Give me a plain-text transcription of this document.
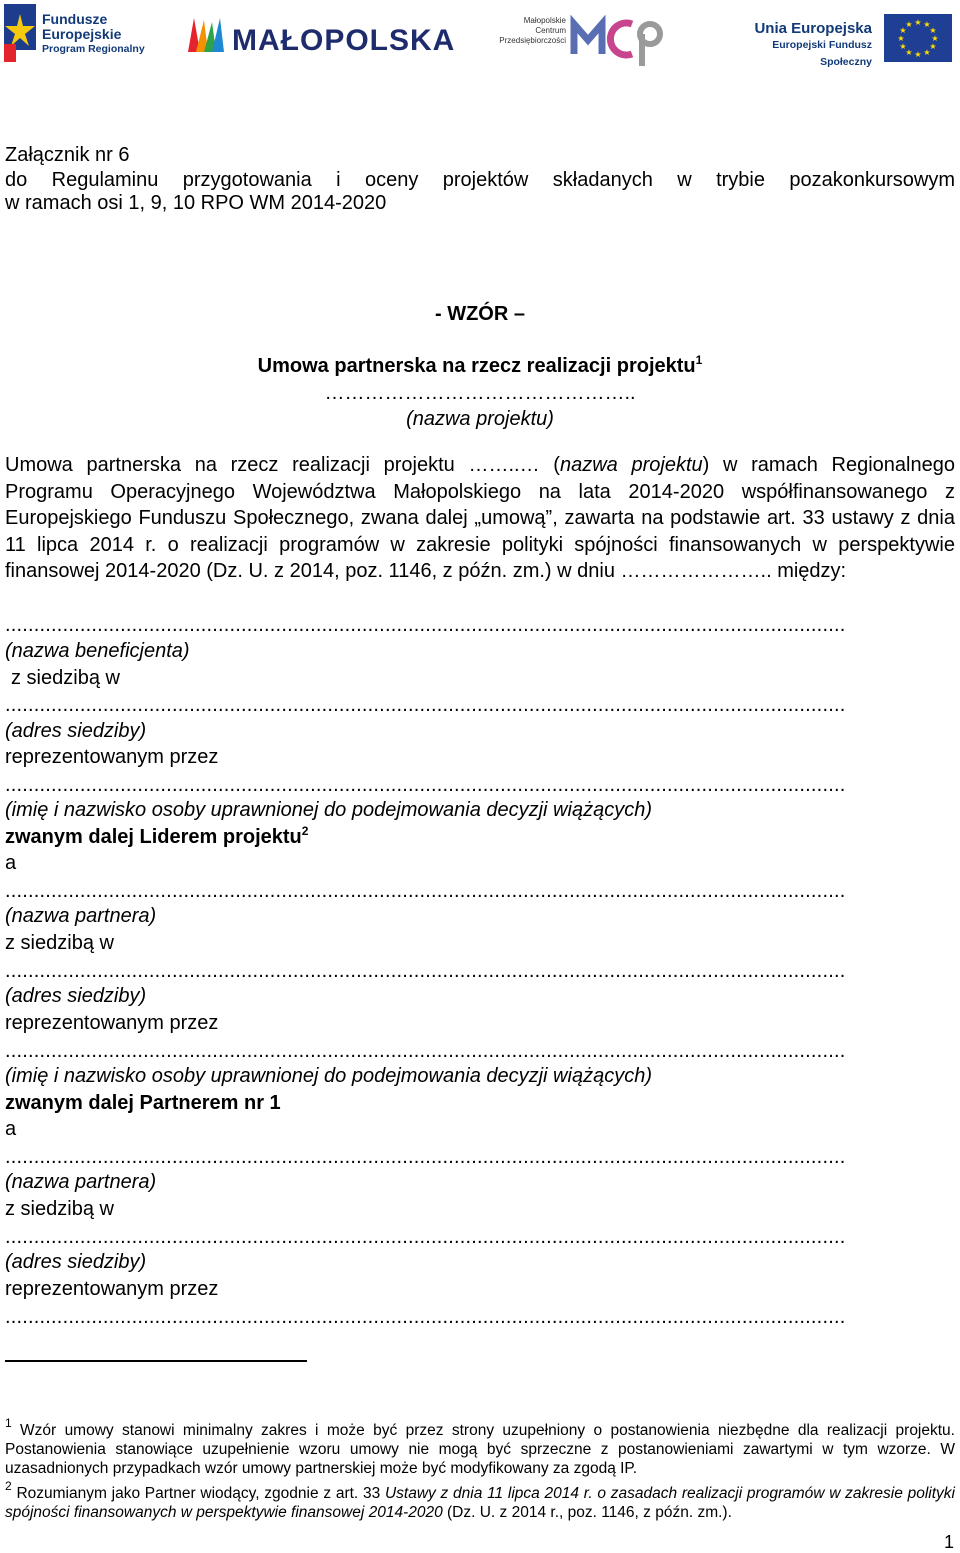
Fundusze
Europejskie
Program Regionalny	MAŁOPOLSKA
Małopolskie
Centrum
Przedsiębiorczości
Unia Europejska
Europejski Fundusz Społeczny
★ ★
★
★
★
★
★
★
★
★
★
★
Załącznik nr 6
do Regulaminu przygotowania i oceny projektów składanych w trybie pozakonkursowym
w ramach osi 1, 9, 10 RPO WM 2014-2020
- WZÓR –
Umowa partnerska na rzecz realizacji projektu$^1$
………………………………………..
(nazwa projektu)
Umowa partnerska na rzecz realizacji projektu ……..… (nazwa projektu) w ramach Regionalnego Programu Operacyjnego Województwa Małopolskiego na lata 2014-2020 współfinansowanego z Europejskiego Funduszu Społecznego, zwana dalej „umową”, zawarta na podstawie art. 33 ustawy z dnia 11 lipca 2014 r. o realizacji programów w zakresie polityki spójności finansowanych w perspektywie finansowej 2014-2020 (Dz. U. z 2014, poz. 1146, z późn. zm.) w dniu ………………….. między:
..................................................................................................................................................
(nazwa beneficjenta)
z siedzibą w
..................................................................................................................................................
(adres siedziby)
reprezentowanym przez
..................................................................................................................................................
(imię i nazwisko osoby uprawnionej do podejmowania decyzji wiążących)
zwanym dalej Liderem projektu$^2$
a
..................................................................................................................................................
(nazwa partnera)
z siedzibą w
..................................................................................................................................................
(adres siedziby)
reprezentowanym przez
..................................................................................................................................................
(imię i nazwisko osoby uprawnionej do podejmowania decyzji wiążących)
zwanym dalej Partnerem nr 1
a
..................................................................................................................................................
(nazwa partnera)
z siedzibą w
..................................................................................................................................................
(adres siedziby)
reprezentowanym przez
..................................................................................................................................................
$^1$ Wzór umowy stanowi minimalny zakres i może być przez strony uzupełniony o postanowienia niezbędne dla realizacji projektu. Postanowienia stanowiące uzupełnienie wzoru umowy nie mogą być sprzeczne z postanowieniami zawartymi w tym wzorze. W uzasadnionych przypadkach wzór umowy partnerskiej może być modyfikowany za zgodą IP.
$^2$ Rozumianym jako Partner wiodący, zgodnie z art. 33 Ustawy z dnia 11 lipca 2014 r. o zasadach realizacji programów w zakresie polityki spójności finansowanych w perspektywie finansowej 2014-2020 (Dz. U. z 2014 r., poz. 1146, z późn. zm.).
1
